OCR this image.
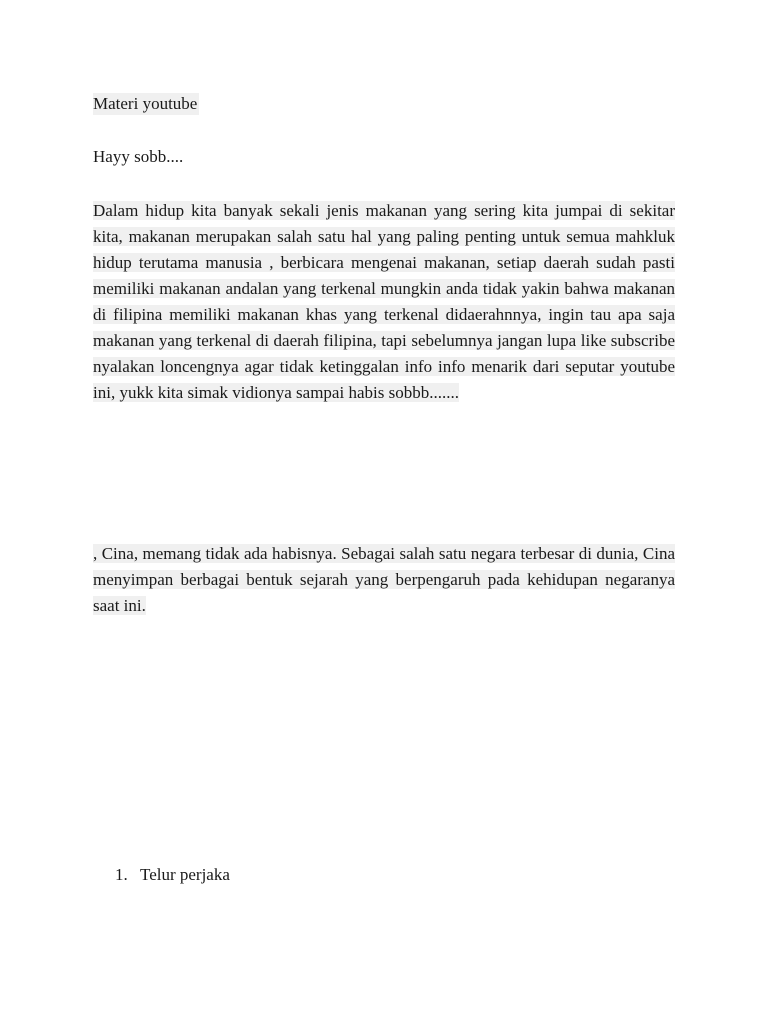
Materi youtube
Hayy sobb....

Dalam hidup kita banyak sekali jenis makanan yang sering kita jumpai di sekitar kita, makanan merupakan salah satu hal yang paling penting untuk semua mahkluk hidup terutama manusia , berbicara mengenai makanan, setiap daerah sudah pasti memiliki makanan andalan yang terkenal mungkin anda tidak yakin bahwa makanan di filipina memiliki makanan khas yang terkenal didaerahnnya, ingin tau apa saja makanan yang terkenal di daerah filipina, tapi sebelumnya jangan lupa like subscribe nyalakan loncengnya agar tidak ketinggalan info info menarik dari seputar youtube ini, yukk kita simak vidionya sampai habis sobbb.......

, Cina, memang tidak ada habisnya. Sebagai salah satu negara terbesar di dunia, Cina menyimpan berbagai bentuk sejarah yang berpengaruh pada kehidupan negaranya saat ini.

1. Telur perjaka
